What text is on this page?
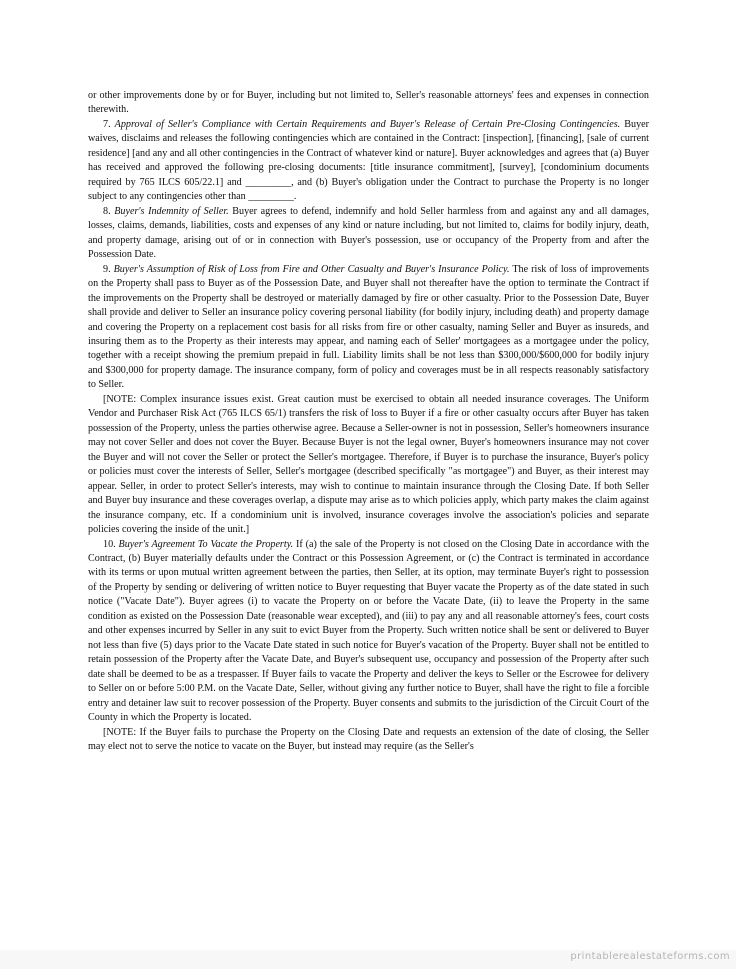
or other improvements done by or for Buyer, including but not limited to, Seller's reasonable attorneys' fees and expenses in connection therewith.

7. Approval of Seller's Compliance with Certain Requirements and Buyer's Release of Certain Pre-Closing Contingencies. Buyer waives, disclaims and releases the following contingencies which are contained in the Contract: [inspection], [financing], [sale of current residence] [and any and all other contingencies in the Contract of whatever kind or nature]. Buyer acknowledges and agrees that (a) Buyer has received and approved the following pre-closing documents: [title insurance commitment], [survey], [condominium documents required by 765 ILCS 605/22.1] and _________, and (b) Buyer's obligation under the Contract to purchase the Property is no longer subject to any contingencies other than _________.

8. Buyer's Indemnity of Seller. Buyer agrees to defend, indemnify and hold Seller harmless from and against any and all damages, losses, claims, demands, liabilities, costs and expenses of any kind or nature including, but not limited to, claims for bodily injury, death, and property damage, arising out of or in connection with Buyer's possession, use or occupancy of the Property from and after the Possession Date.

9. Buyer's Assumption of Risk of Loss from Fire and Other Casualty and Buyer's Insurance Policy. The risk of loss of improvements on the Property shall pass to Buyer as of the Possession Date, and Buyer shall not thereafter have the option to terminate the Contract if the improvements on the Property shall be destroyed or materially damaged by fire or other casualty. Prior to the Possession Date, Buyer shall provide and deliver to Seller an insurance policy covering personal liability (for bodily injury, including death) and property damage and covering the Property on a replacement cost basis for all risks from fire or other casualty, naming Seller and Buyer as insureds, and insuring them as to the Property as their interests may appear, and naming each of Seller' mortgagees as a mortgagee under the policy, together with a receipt showing the premium prepaid in full. Liability limits shall be not less than $300,000/$600,000 for bodily injury and $300,000 for property damage. The insurance company, form of policy and coverages must be in all respects reasonably satisfactory to Seller.

[NOTE: Complex insurance issues exist. Great caution must be exercised to obtain all needed insurance coverages. The Uniform Vendor and Purchaser Risk Act (765 ILCS 65/1) transfers the risk of loss to Buyer if a fire or other casualty occurs after Buyer has taken possession of the Property, unless the parties otherwise agree. Because a Seller-owner is not in possession, Seller's homeowners insurance may not cover Seller and does not cover the Buyer. Because Buyer is not the legal owner, Buyer's homeowners insurance may not cover the Buyer and will not cover the Seller or protect the Seller's mortgagee. Therefore, if Buyer is to purchase the insurance, Buyer's policy or policies must cover the interests of Seller, Seller's mortgagee (described specifically "as mortgagee") and Buyer, as their interest may appear. Seller, in order to protect Seller's interests, may wish to continue to maintain insurance through the Closing Date. If both Seller and Buyer buy insurance and these coverages overlap, a dispute may arise as to which policies apply, which party makes the claim against the insurance company, etc. If a condominium unit is involved, insurance coverages involve the association's policies and separate policies covering the inside of the unit.]

10. Buyer's Agreement To Vacate the Property. If (a) the sale of the Property is not closed on the Closing Date in accordance with the Contract, (b) Buyer materially defaults under the Contract or this Possession Agreement, or (c) the Contract is terminated in accordance with its terms or upon mutual written agreement between the parties, then Seller, at its option, may terminate Buyer's right to possession of the Property by sending or delivering of written notice to Buyer requesting that Buyer vacate the Property as of the date stated in such notice ("Vacate Date"). Buyer agrees (i) to vacate the Property on or before the Vacate Date, (ii) to leave the Property in the same condition as existed on the Possession Date (reasonable wear excepted), and (iii) to pay any and all reasonable attorney's fees, court costs and other expenses incurred by Seller in any suit to evict Buyer from the Property. Such written notice shall be sent or delivered to Buyer not less than five (5) days prior to the Vacate Date stated in such notice for Buyer's vacation of the Property. Buyer shall not be entitled to retain possession of the Property after the Vacate Date, and Buyer's subsequent use, occupancy and possession of the Property after such date shall be deemed to be as a trespasser. If Buyer fails to vacate the Property and deliver the keys to Seller or the Escrowee for delivery to Seller on or before 5:00 P.M. on the Vacate Date, Seller, without giving any further notice to Buyer, shall have the right to file a forcible entry and detainer law suit to recover possession of the Property. Buyer consents and submits to the jurisdiction of the Circuit Court of the County in which the Property is located.

[NOTE: If the Buyer fails to purchase the Property on the Closing Date and requests an extension of the date of closing, the Seller may elect not to serve the notice to vacate on the Buyer, but instead may require (as the Seller's

printablerealestateforms.com
